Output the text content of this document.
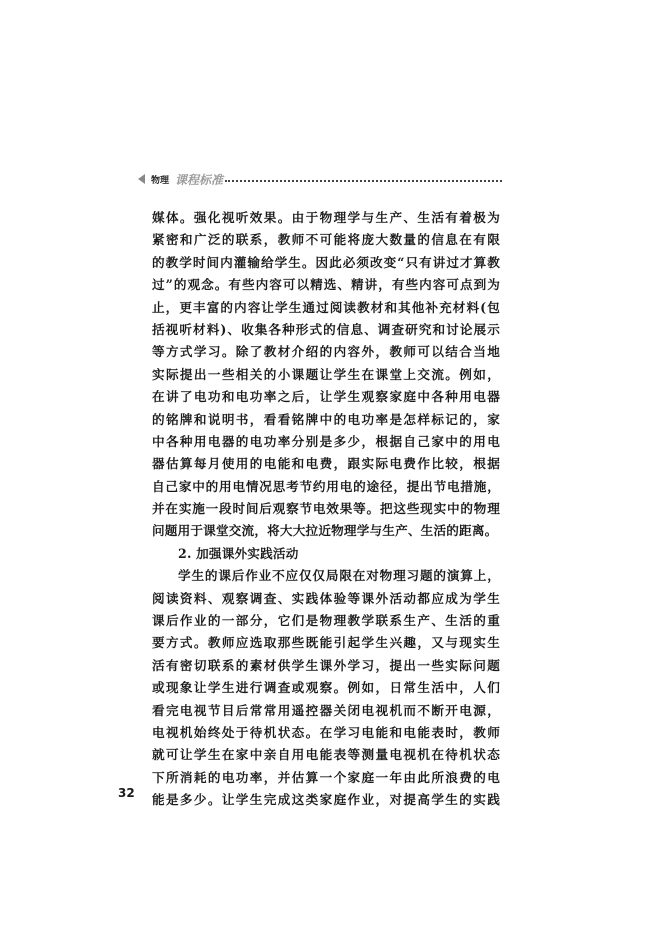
物理 课程标准
媒体。强化视听效果。由于物理学与生产、生活有着极为
紧密和广泛的联系，教师不可能将庞大数量的信息在有限
的教学时间内灌输给学生。因此必须改变“只有讲过才算教
过”的观念。有些内容可以精选、精讲，有些内容可点到为
止，更丰富的内容让学生通过阅读教材和其他补充材料(包
括视听材料)、收集各种形式的信息、调查研究和讨论展示
等方式学习。除了教材介绍的内容外，教师可以结合当地
实际提出一些相关的小课题让学生在课堂上交流。例如，
在讲了电功和电功率之后，让学生观察家庭中各种用电器
的铭牌和说明书，看看铭牌中的电功率是怎样标记的，家
中各种用电器的电功率分别是多少，根据自己家中的用电
器估算每月使用的电能和电费，跟实际电费作比较，根据
自己家中的用电情况思考节约用电的途径，提出节电措施，
并在实施一段时间后观察节电效果等。把这些现实中的物理
问题用于课堂交流，将大大拉近物理学与生产、生活的距离。
2. 加强课外实践活动
学生的课后作业不应仅仅局限在对物理习题的演算上，
阅读资料、观察调查、实践体验等课外活动都应成为学生
课后作业的一部分，它们是物理教学联系生产、生活的重
要方式。教师应选取那些既能引起学生兴趣，又与现实生
活有密切联系的素材供学生课外学习，提出一些实际问题
或现象让学生进行调查或观察。例如，日常生活中，人们
看完电视节目后常常用遥控器关闭电视机而不断开电源，
电视机始终处于待机状态。在学习电能和电能表时，教师
就可让学生在家中亲自用电能表等测量电视机在待机状态
下所消耗的电功率，并估算一个家庭一年由此所浪费的电
能是多少。让学生完成这类家庭作业，对提高学生的实践
32
